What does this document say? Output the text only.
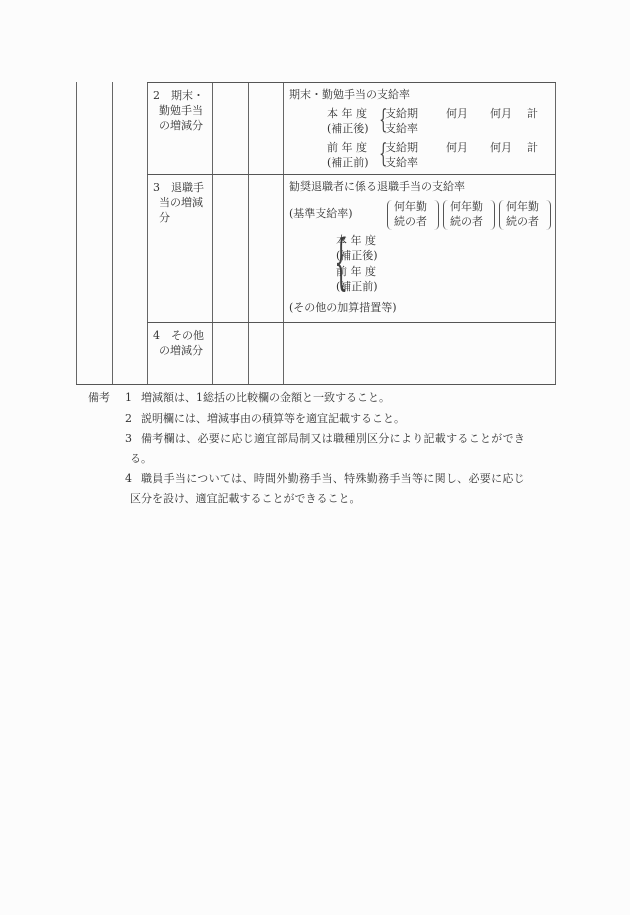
2　期末・
勤勉手当
の増減分
期末・勤勉手当の支給率
本 年 度
(補正後) {
支給期
支給率
何月 何月 計
前 年 度
(補正前) {
支給期
支給率
何月 何月 計
3　退職手
当の増減
分
勧奨退職者に係る退職手当の支給率
(基準支給率)
何年勤
続の者
何年勤
続の者
何年勤
続の者
{
本 年 度
(補正後)
前 年 度
(補正前)
(その他の加算措置等)
4　その他
の増減分
備考 1 増減額は、1総括の比較欄の金額と一致すること。
2 説明欄には、増減事由の積算等を適宜記載すること。
3 備考欄は、必要に応じ適宜部局制又は職種別区分により記載することができ
る。
4 職員手当については、時間外勤務手当、特殊勤務手当等に関し、必要に応じ
区分を設け、適宜記載することができること。
